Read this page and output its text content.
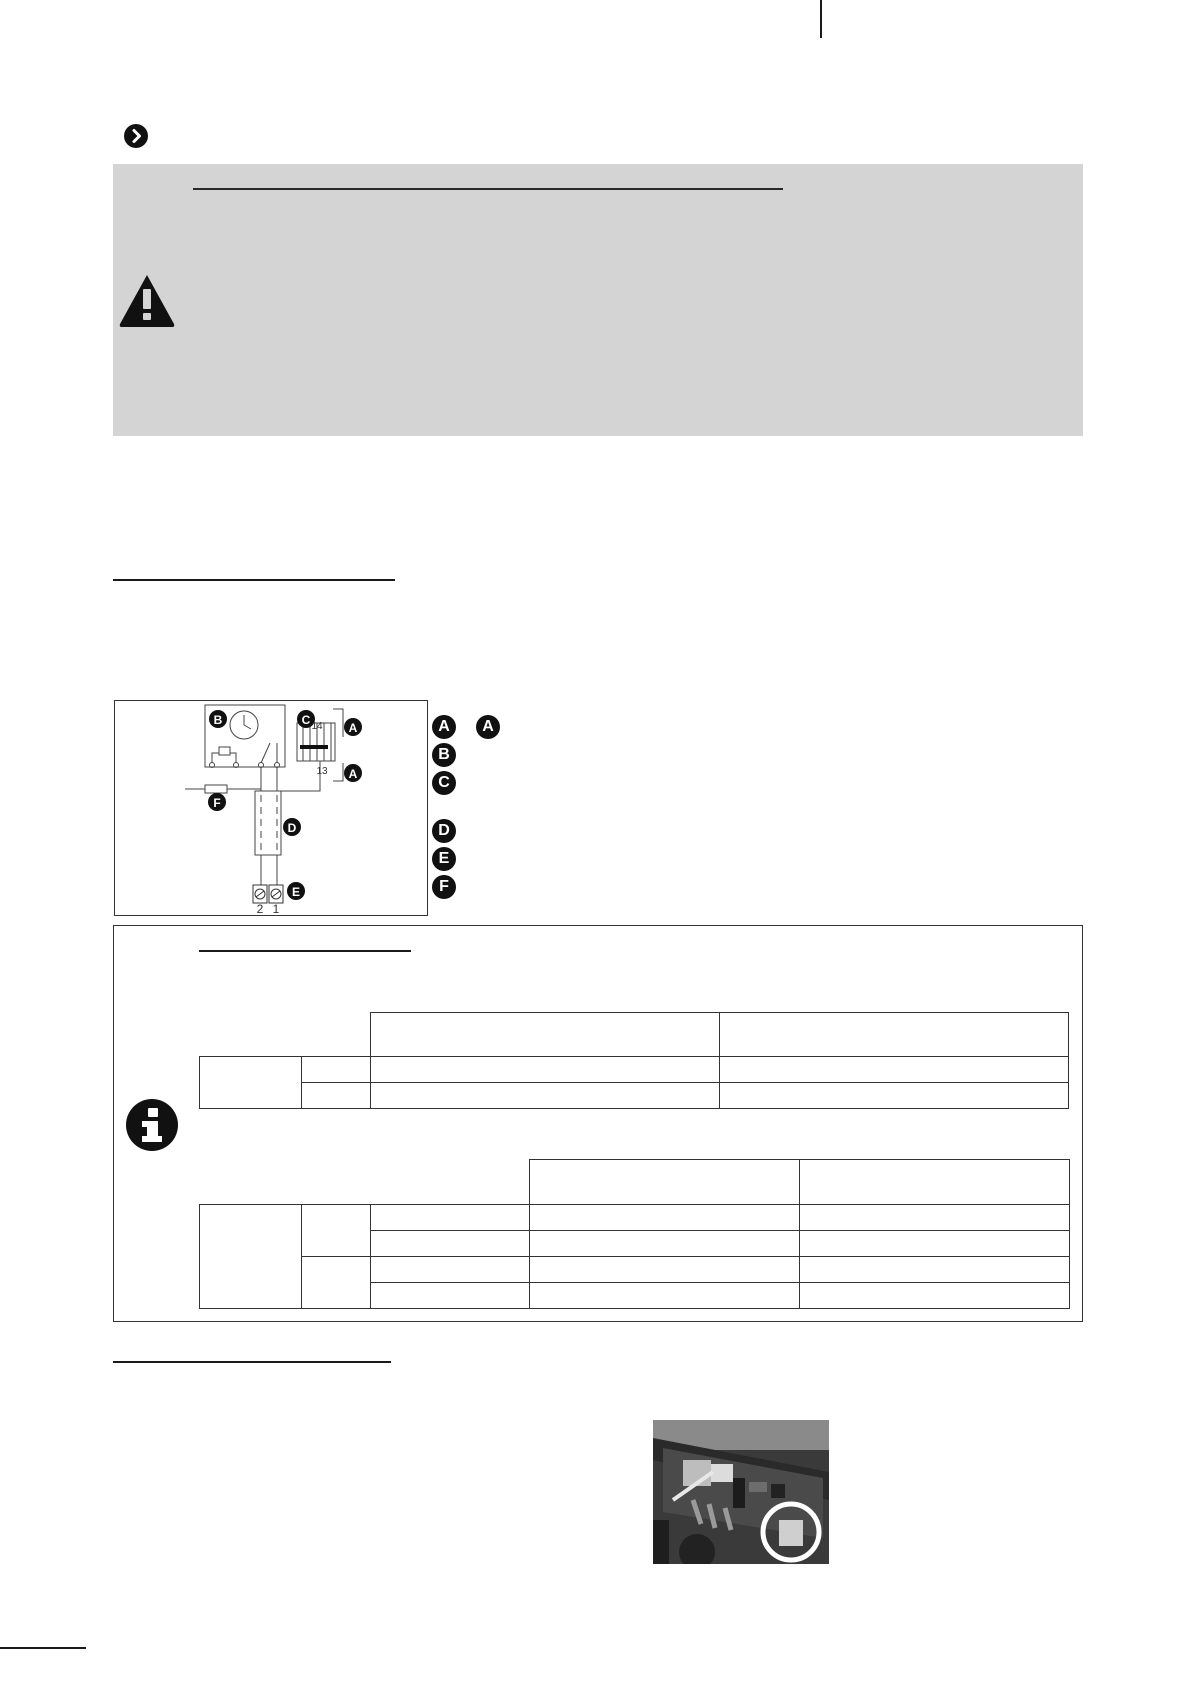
B	C
A
A
F
D
E
14
13
2 1
A	A
B
C
D
E
F
